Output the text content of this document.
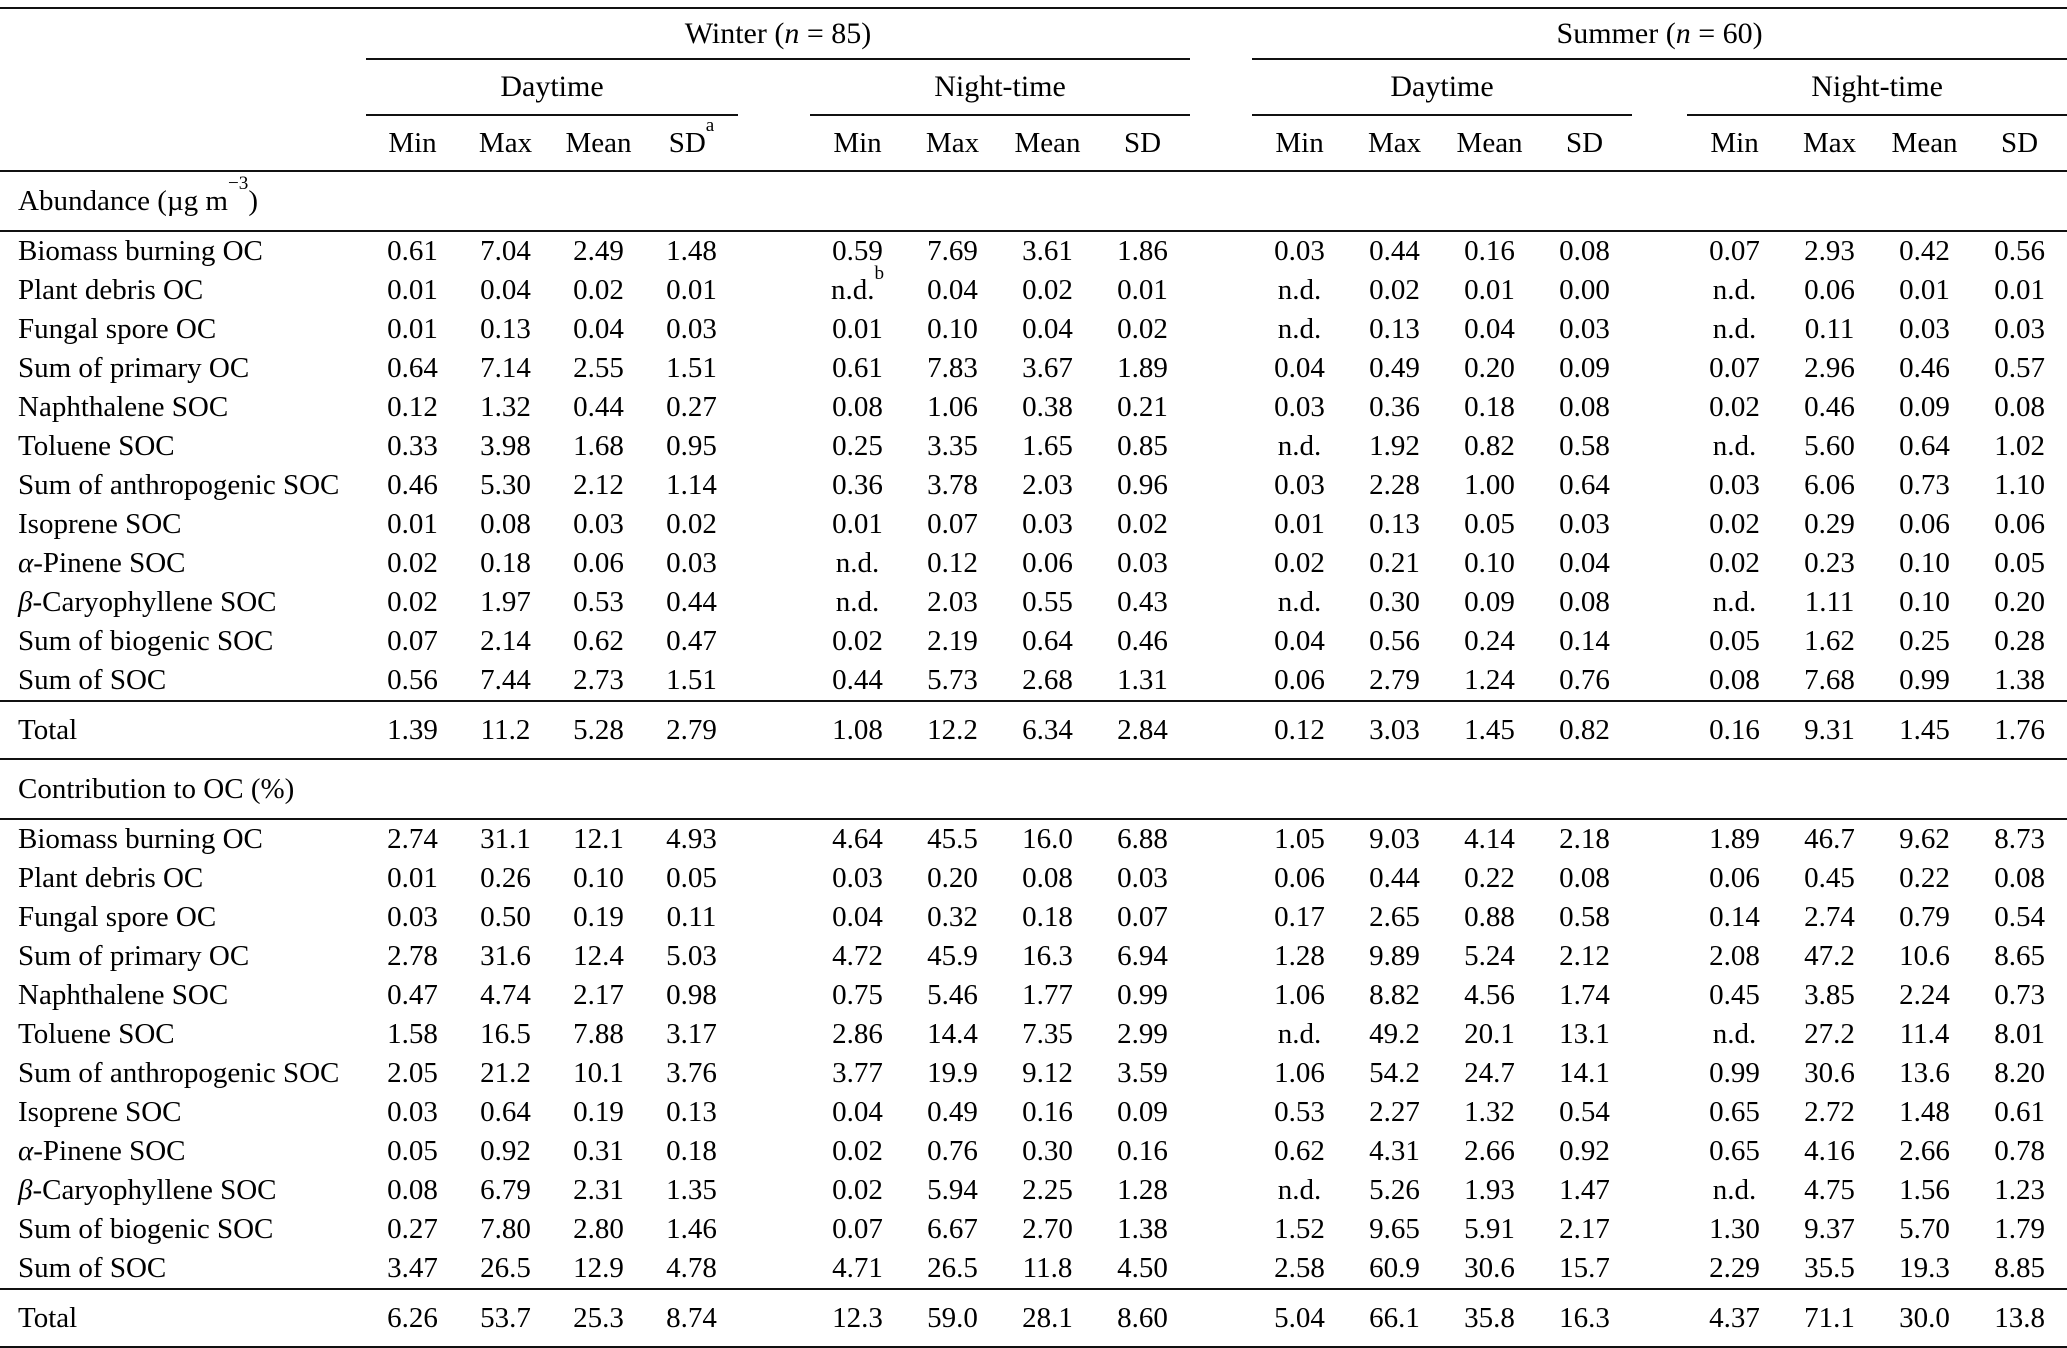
	Winter (n = 85)										Summer (n = 60)								
	Daytime					Night-time					Daytime					Night-time			
	Min	Max	Mean	$SD^a$		Min	Max	Mean	SD		Min	Max	Mean	SD		Min	Max	Mean	SD
Abundance (µg $m^{-3}$)																			
Biomass burning OC	0.61	7.04	2.49	1.48		0.59	7.69	3.61	1.86		0.03	0.44	0.16	0.08		0.07	2.93	0.42	0.56
Plant debris OC	0.01	0.04	0.02	0.01		n.d.$^b$	0.04	0.02	0.01		n.d.	0.02	0.01	0.00		n.d.	0.06	0.01	0.01
Fungal spore OC	0.01	0.13	0.04	0.03		0.01	0.10	0.04	0.02		n.d.	0.13	0.04	0.03		n.d.	0.11	0.03	0.03
Sum of primary OC	0.64	7.14	2.55	1.51		0.61	7.83	3.67	1.89		0.04	0.49	0.20	0.09		0.07	2.96	0.46	0.57
Naphthalene SOC	0.12	1.32	0.44	0.27		0.08	1.06	0.38	0.21		0.03	0.36	0.18	0.08		0.02	0.46	0.09	0.08
Toluene SOC	0.33	3.98	1.68	0.95		0.25	3.35	1.65	0.85		n.d.	1.92	0.82	0.58		n.d.	5.60	0.64	1.02
Sum of anthropogenic SOC	0.46	5.30	2.12	1.14		0.36	3.78	2.03	0.96		0.03	2.28	1.00	0.64		0.03	6.06	0.73	1.10
Isoprene SOC	0.01	0.08	0.03	0.02		0.01	0.07	0.03	0.02		0.01	0.13	0.05	0.03		0.02	0.29	0.06	0.06
α-Pinene SOC	0.02	0.18	0.06	0.03		n.d.	0.12	0.06	0.03		0.02	0.21	0.10	0.04		0.02	0.23	0.10	0.05
β-Caryophyllene SOC	0.02	1.97	0.53	0.44		n.d.	2.03	0.55	0.43		n.d.	0.30	0.09	0.08		n.d.	1.11	0.10	0.20
Sum of biogenic SOC	0.07	2.14	0.62	0.47		0.02	2.19	0.64	0.46		0.04	0.56	0.24	0.14		0.05	1.62	0.25	0.28
Sum of SOC	0.56	7.44	2.73	1.51		0.44	5.73	2.68	1.31		0.06	2.79	1.24	0.76		0.08	7.68	0.99	1.38
Total	1.39	11.2	5.28	2.79		1.08	12.2	6.34	2.84		0.12	3.03	1.45	0.82		0.16	9.31	1.45	1.76
Contribution to OC (%)																			
Biomass burning OC	2.74	31.1	12.1	4.93		4.64	45.5	16.0	6.88		1.05	9.03	4.14	2.18		1.89	46.7	9.62	8.73
Plant debris OC	0.01	0.26	0.10	0.05		0.03	0.20	0.08	0.03		0.06	0.44	0.22	0.08		0.06	0.45	0.22	0.08
Fungal spore OC	0.03	0.50	0.19	0.11		0.04	0.32	0.18	0.07		0.17	2.65	0.88	0.58		0.14	2.74	0.79	0.54
Sum of primary OC	2.78	31.6	12.4	5.03		4.72	45.9	16.3	6.94		1.28	9.89	5.24	2.12		2.08	47.2	10.6	8.65
Naphthalene SOC	0.47	4.74	2.17	0.98		0.75	5.46	1.77	0.99		1.06	8.82	4.56	1.74		0.45	3.85	2.24	0.73
Toluene SOC	1.58	16.5	7.88	3.17		2.86	14.4	7.35	2.99		n.d.	49.2	20.1	13.1		n.d.	27.2	11.4	8.01
Sum of anthropogenic SOC	2.05	21.2	10.1	3.76		3.77	19.9	9.12	3.59		1.06	54.2	24.7	14.1		0.99	30.6	13.6	8.20
Isoprene SOC	0.03	0.64	0.19	0.13		0.04	0.49	0.16	0.09		0.53	2.27	1.32	0.54		0.65	2.72	1.48	0.61
α-Pinene SOC	0.05	0.92	0.31	0.18		0.02	0.76	0.30	0.16		0.62	4.31	2.66	0.92		0.65	4.16	2.66	0.78
β-Caryophyllene SOC	0.08	6.79	2.31	1.35		0.02	5.94	2.25	1.28		n.d.	5.26	1.93	1.47		n.d.	4.75	1.56	1.23
Sum of biogenic SOC	0.27	7.80	2.80	1.46		0.07	6.67	2.70	1.38		1.52	9.65	5.91	2.17		1.30	9.37	5.70	1.79
Sum of SOC	3.47	26.5	12.9	4.78		4.71	26.5	11.8	4.50		2.58	60.9	30.6	15.7		2.29	35.5	19.3	8.85
Total	6.26	53.7	25.3	8.74		12.3	59.0	28.1	8.60		5.04	66.1	35.8	16.3		4.37	71.1	30.0	13.8
